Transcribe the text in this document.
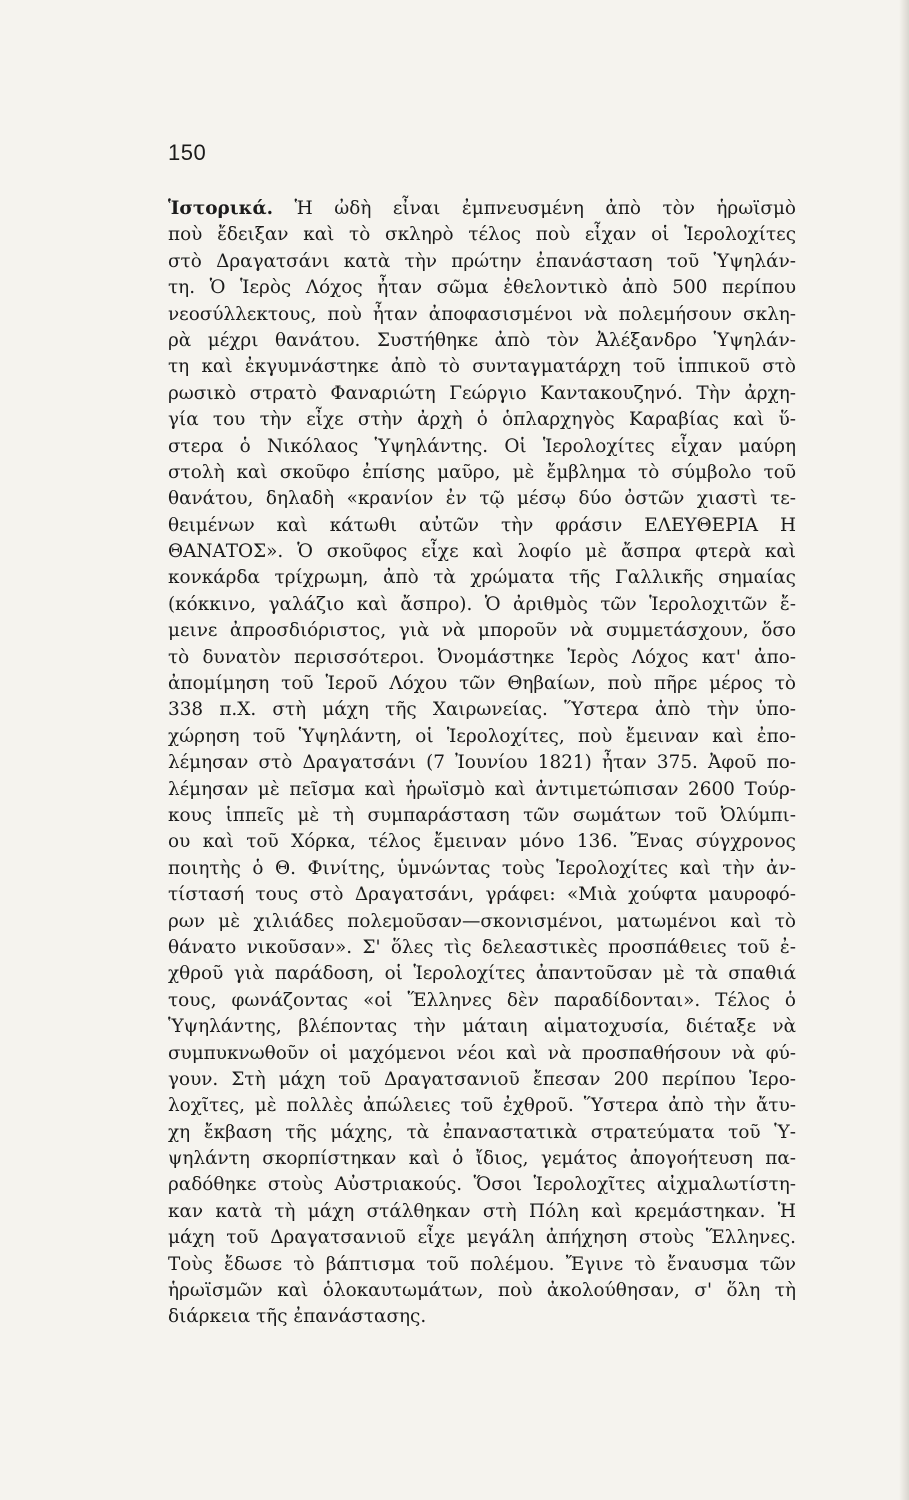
150
Ἱστορικά. Ἡ ὠδὴ εἶναι ἐμπνευσμένη ἀπὸ τὸν ἡρωϊσμὸ
ποὺ ἔδειξαν καὶ τὸ σκληρὸ τέλος ποὺ εἶχαν οἱ Ἱερολοχίτες
στὸ Δραγατσάνι κατὰ τὴν πρώτην ἐπανάσταση τοῦ Ὑψηλάν-
τη. Ὁ Ἱερὸς Λόχος ἦταν σῶμα ἐθελοντικὸ ἀπὸ 500 περίπου
νεοσύλλεκτους, ποὺ ἦταν ἀποφασισμένοι νὰ πολεμήσουν σκλη-
ρὰ μέχρι θανάτου. Συστήθηκε ἀπὸ τὸν Ἀλέξανδρο Ὑψηλάν-
τη καὶ ἐκγυμνάστηκε ἀπὸ τὸ συνταγματάρχη τοῦ ἱππικοῦ στὸ
ρωσικὸ στρατὸ Φαναριώτη Γεώργιο Καντακουζηνό. Τὴν ἀρχη-
γία του τὴν εἶχε στὴν ἀρχὴ ὁ ὁπλαρχηγὸς Καραβίας καὶ ὕ-
στερα ὁ Νικόλαος Ὑψηλάντης. Οἱ Ἱερολοχίτες εἶχαν μαύρη
στολὴ καὶ σκοῦφο ἐπίσης μαῦρο, μὲ ἔμβλημα τὸ σύμβολο τοῦ
θανάτου, δηλαδὴ «κρανίον ἐν τῷ μέσῳ δύο ὀστῶν χιαστὶ τε-
θειμένων καὶ κάτωθι αὐτῶν τὴν φράσιν ΕΛΕΥΘΕΡΙΑ Η
ΘΑΝΑΤΟΣ». Ὁ σκοῦφος εἶχε καὶ λοφίο μὲ ἄσπρα φτερὰ καὶ
κονκάρδα τρίχρωμη, ἀπὸ τὰ χρώματα τῆς Γαλλικῆς σημαίας
(κόκκινο, γαλάζιο καὶ ἄσπρο). Ὁ ἀριθμὸς τῶν Ἱερολοχιτῶν ἔ-
μεινε ἀπροσδιόριστος, γιὰ νὰ μποροῦν νὰ συμμετάσχουν, ὅσο
τὸ δυνατὸν περισσότεροι. Ὀνομάστηκε Ἱερὸς Λόχος κατ' ἀπο-
ἀπομίμηση τοῦ Ἱεροῦ Λόχου τῶν Θηβαίων, ποὺ πῆρε μέρος τὸ
338 π.Χ. στὴ μάχη τῆς Χαιρωνείας. Ὕστερα ἀπὸ τὴν ὑπο-
χώρηση τοῦ Ὑψηλάντη, οἱ Ἱερολοχίτες, ποὺ ἔμειναν καὶ ἐπο-
λέμησαν στὸ Δραγατσάνι (7 Ἰουνίου 1821) ἦταν 375. Ἀφοῦ πο-
λέμησαν μὲ πεῖσμα καὶ ἡρωϊσμὸ καὶ ἀντιμετώπισαν 2600 Τούρ-
κους ἱππεῖς μὲ τὴ συμπαράσταση τῶν σωμάτων τοῦ Ὀλύμπι-
ου καὶ τοῦ Χόρκα, τέλος ἔμειναν μόνο 136. Ἕνας σύγχρονος
ποιητὴς ὁ Θ. Φινίτης, ὑμνώντας τοὺς Ἱερολοχίτες καὶ τὴν ἀν-
τίστασή τους στὸ Δραγατσάνι, γράφει: «Μιὰ χούφτα μαυροφό-
ρων μὲ χιλιάδες πολεμοῦσαν—σκονισμένοι, ματωμένοι καὶ τὸ
θάνατο νικοῦσαν». Σ' ὅλες τὶς δελεαστικὲς προσπάθειες τοῦ ἐ-
χθροῦ γιὰ παράδοση, οἱ Ἱερολοχίτες ἀπαντοῦσαν μὲ τὰ σπαθιά
τους, φωνάζοντας «οἱ Ἕλληνες δὲν παραδίδονται». Τέλος ὁ
Ὑψηλάντης, βλέποντας τὴν μάταιη αἱματοχυσία, διέταξε νὰ
συμπυκνωθοῦν οἱ μαχόμενοι νέοι καὶ νὰ προσπαθήσουν νὰ φύ-
γουν. Στὴ μάχη τοῦ Δραγατσανιοῦ ἔπεσαν 200 περίπου Ἱερο-
λοχῖτες, μὲ πολλὲς ἀπώλειες τοῦ ἐχθροῦ. Ὕστερα ἀπὸ τὴν ἄτυ-
χη ἔκβαση τῆς μάχης, τὰ ἐπαναστατικὰ στρατεύματα τοῦ Ὑ-
ψηλάντη σκορπίστηκαν καὶ ὁ ἴδιος, γεμάτος ἀπογοήτευση πα-
ραδόθηκε στοὺς Αὐστριακούς. Ὅσοι Ἱερολοχῖτες αἰχμαλωτίστη-
καν κατὰ τὴ μάχη στάλθηκαν στὴ Πόλη καὶ κρεμάστηκαν. Ἡ
μάχη τοῦ Δραγατσανιοῦ εἶχε μεγάλη ἀπήχηση στοὺς Ἕλληνες.
Τοὺς ἔδωσε τὸ βάπτισμα τοῦ πολέμου. Ἔγινε τὸ ἔναυσμα τῶν
ἡρωϊσμῶν καὶ ὁλοκαυτωμάτων, ποὺ ἀκολούθησαν, σ' ὅλη τὴ
διάρκεια τῆς ἐπανάστασης.
